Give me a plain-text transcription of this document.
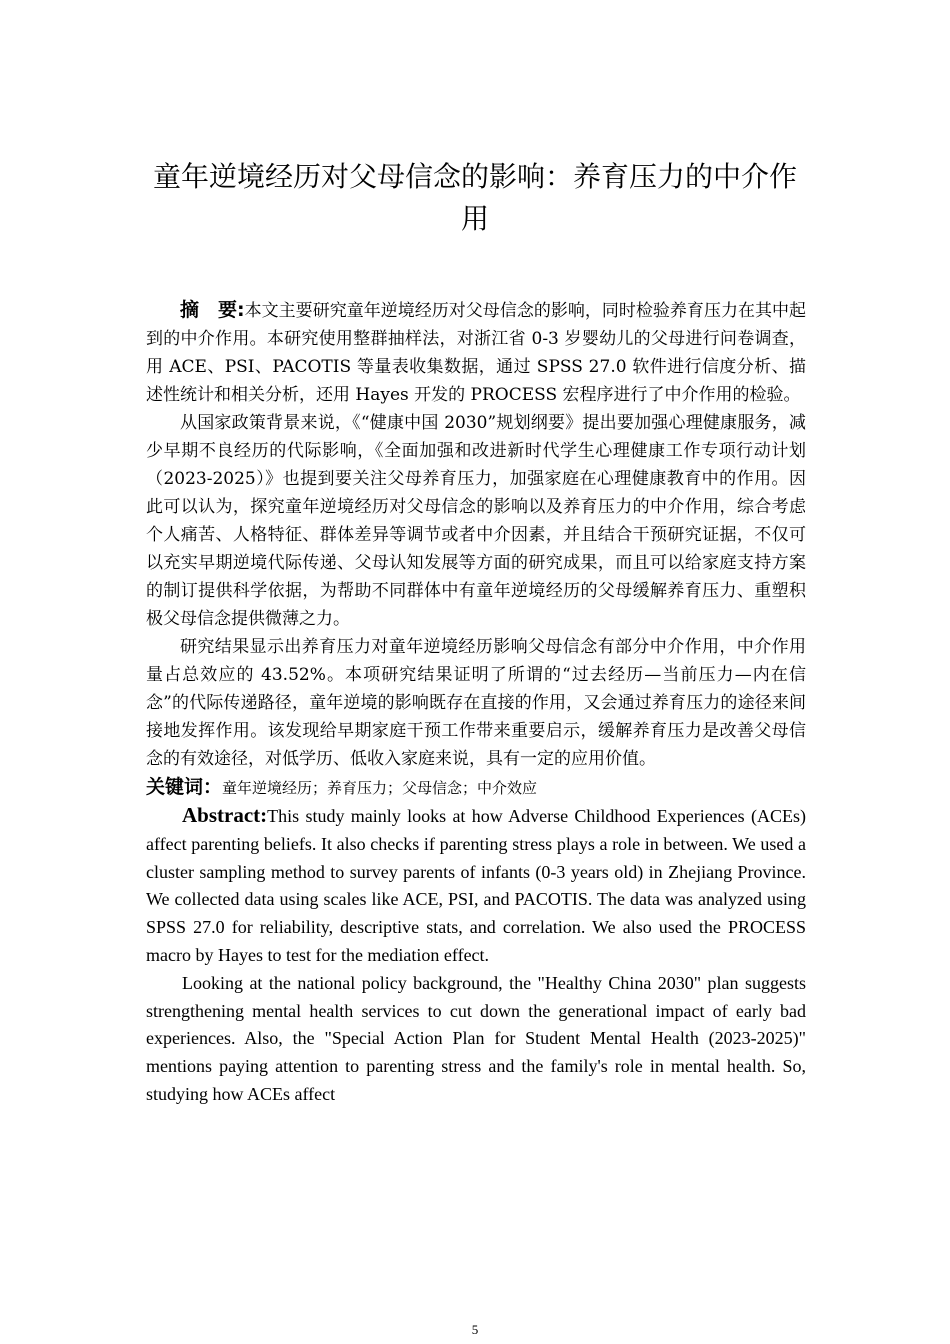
童年逆境经历对父母信念的影响：养育压力的中介作用

摘　要:本文主要研究童年逆境经历对父母信念的影响，同时检验养育压力在其中起到的中介作用。本研究使用整群抽样法，对浙江省 0-3 岁婴幼儿的父母进行问卷调查，用 ACE、PSI、PACOTIS 等量表收集数据，通过 SPSS 27.0 软件进行信度分析、描述性统计和相关分析，还用 Hayes 开发的 PROCESS 宏程序进行了中介作用的检验。

从国家政策背景来说，《“健康中国 2030”规划纲要》提出要加强心理健康服务，减少早期不良经历的代际影响，《全面加强和改进新时代学生心理健康工作专项行动计划（2023-2025）》也提到要关注父母养育压力，加强家庭在心理健康教育中的作用。因此可以认为，探究童年逆境经历对父母信念的影响以及养育压力的中介作用，综合考虑个人痛苦、人格特征、群体差异等调节或者中介因素，并且结合干预研究证据，不仅可以充实早期逆境代际传递、父母认知发展等方面的研究成果，而且可以给家庭支持方案的制订提供科学依据，为帮助不同群体中有童年逆境经历的父母缓解养育压力、重塑积极父母信念提供微薄之力。

研究结果显示出养育压力对童年逆境经历影响父母信念有部分中介作用，中介作用量占总效应的 43.52%。本项研究结果证明了所谓的“过去经历—当前压力—内在信念”的代际传递路径，童年逆境的影响既存在直接的作用，又会通过养育压力的途径来间接地发挥作用。该发现给早期家庭干预工作带来重要启示，缓解养育压力是改善父母信念的有效途径，对低学历、低收入家庭来说，具有一定的应用价值。

关键词：童年逆境经历；养育压力；父母信念；中介效应

Abstract:This study mainly looks at how Adverse Childhood Experiences (ACEs) affect parenting beliefs. It also checks if parenting stress plays a role in between. We used a cluster sampling method to survey parents of infants (0-3 years old) in Zhejiang Province. We collected data using scales like ACE, PSI, and PACOTIS. The data was analyzed using SPSS 27.0 for reliability, descriptive stats, and correlation. We also used the PROCESS macro by Hayes to test for the mediation effect.

Looking at the national policy background, the "Healthy China 2030" plan suggests strengthening mental health services to cut down the generational impact of early bad experiences. Also, the "Special Action Plan for Student Mental Health (2023-2025)" mentions paying attention to parenting stress and the family's role in mental health. So, studying how ACEs affect

5
